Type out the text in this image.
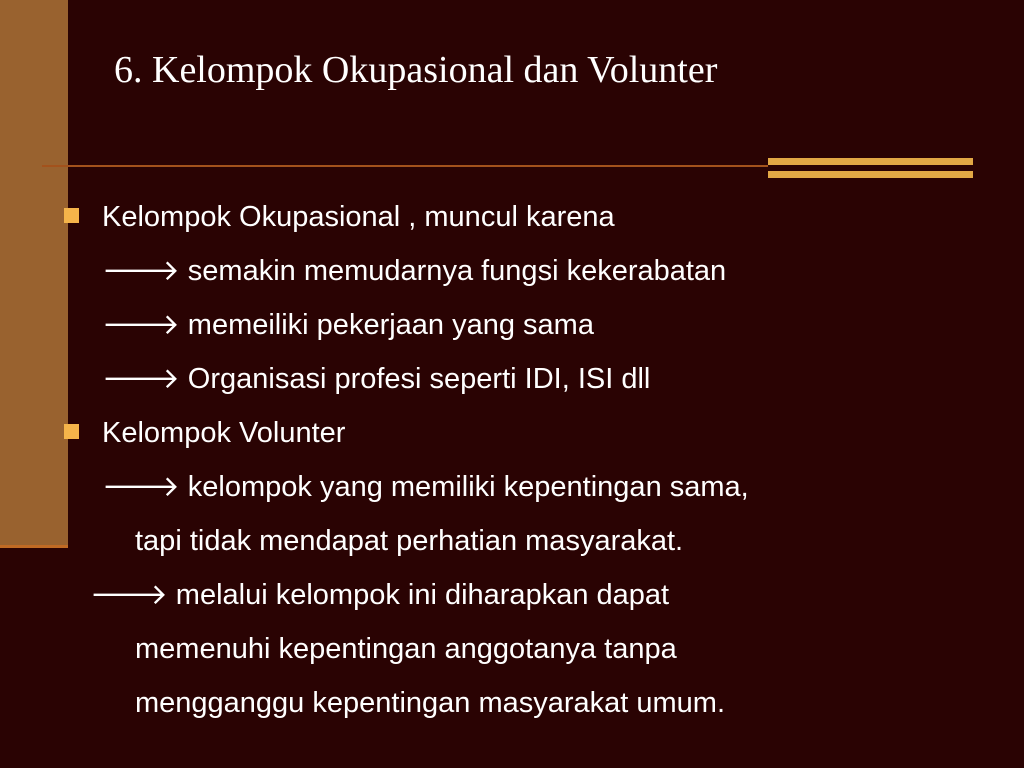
6. Kelompok Okupasional dan Volunter
Kelompok Okupasional , muncul karena
🡒 semakin memudarnya fungsi kekerabatan
🡒 memeiliki pekerjaan yang sama
🡒 Organisasi profesi seperti IDI, ISI dll
Kelompok Volunter
🡒 kelompok yang memiliki kepentingan sama,
tapi tidak mendapat perhatian masyarakat.
🡒 melalui kelompok ini diharapkan dapat
memenuhi kepentingan anggotanya tanpa
mengganggu kepentingan masyarakat umum.
